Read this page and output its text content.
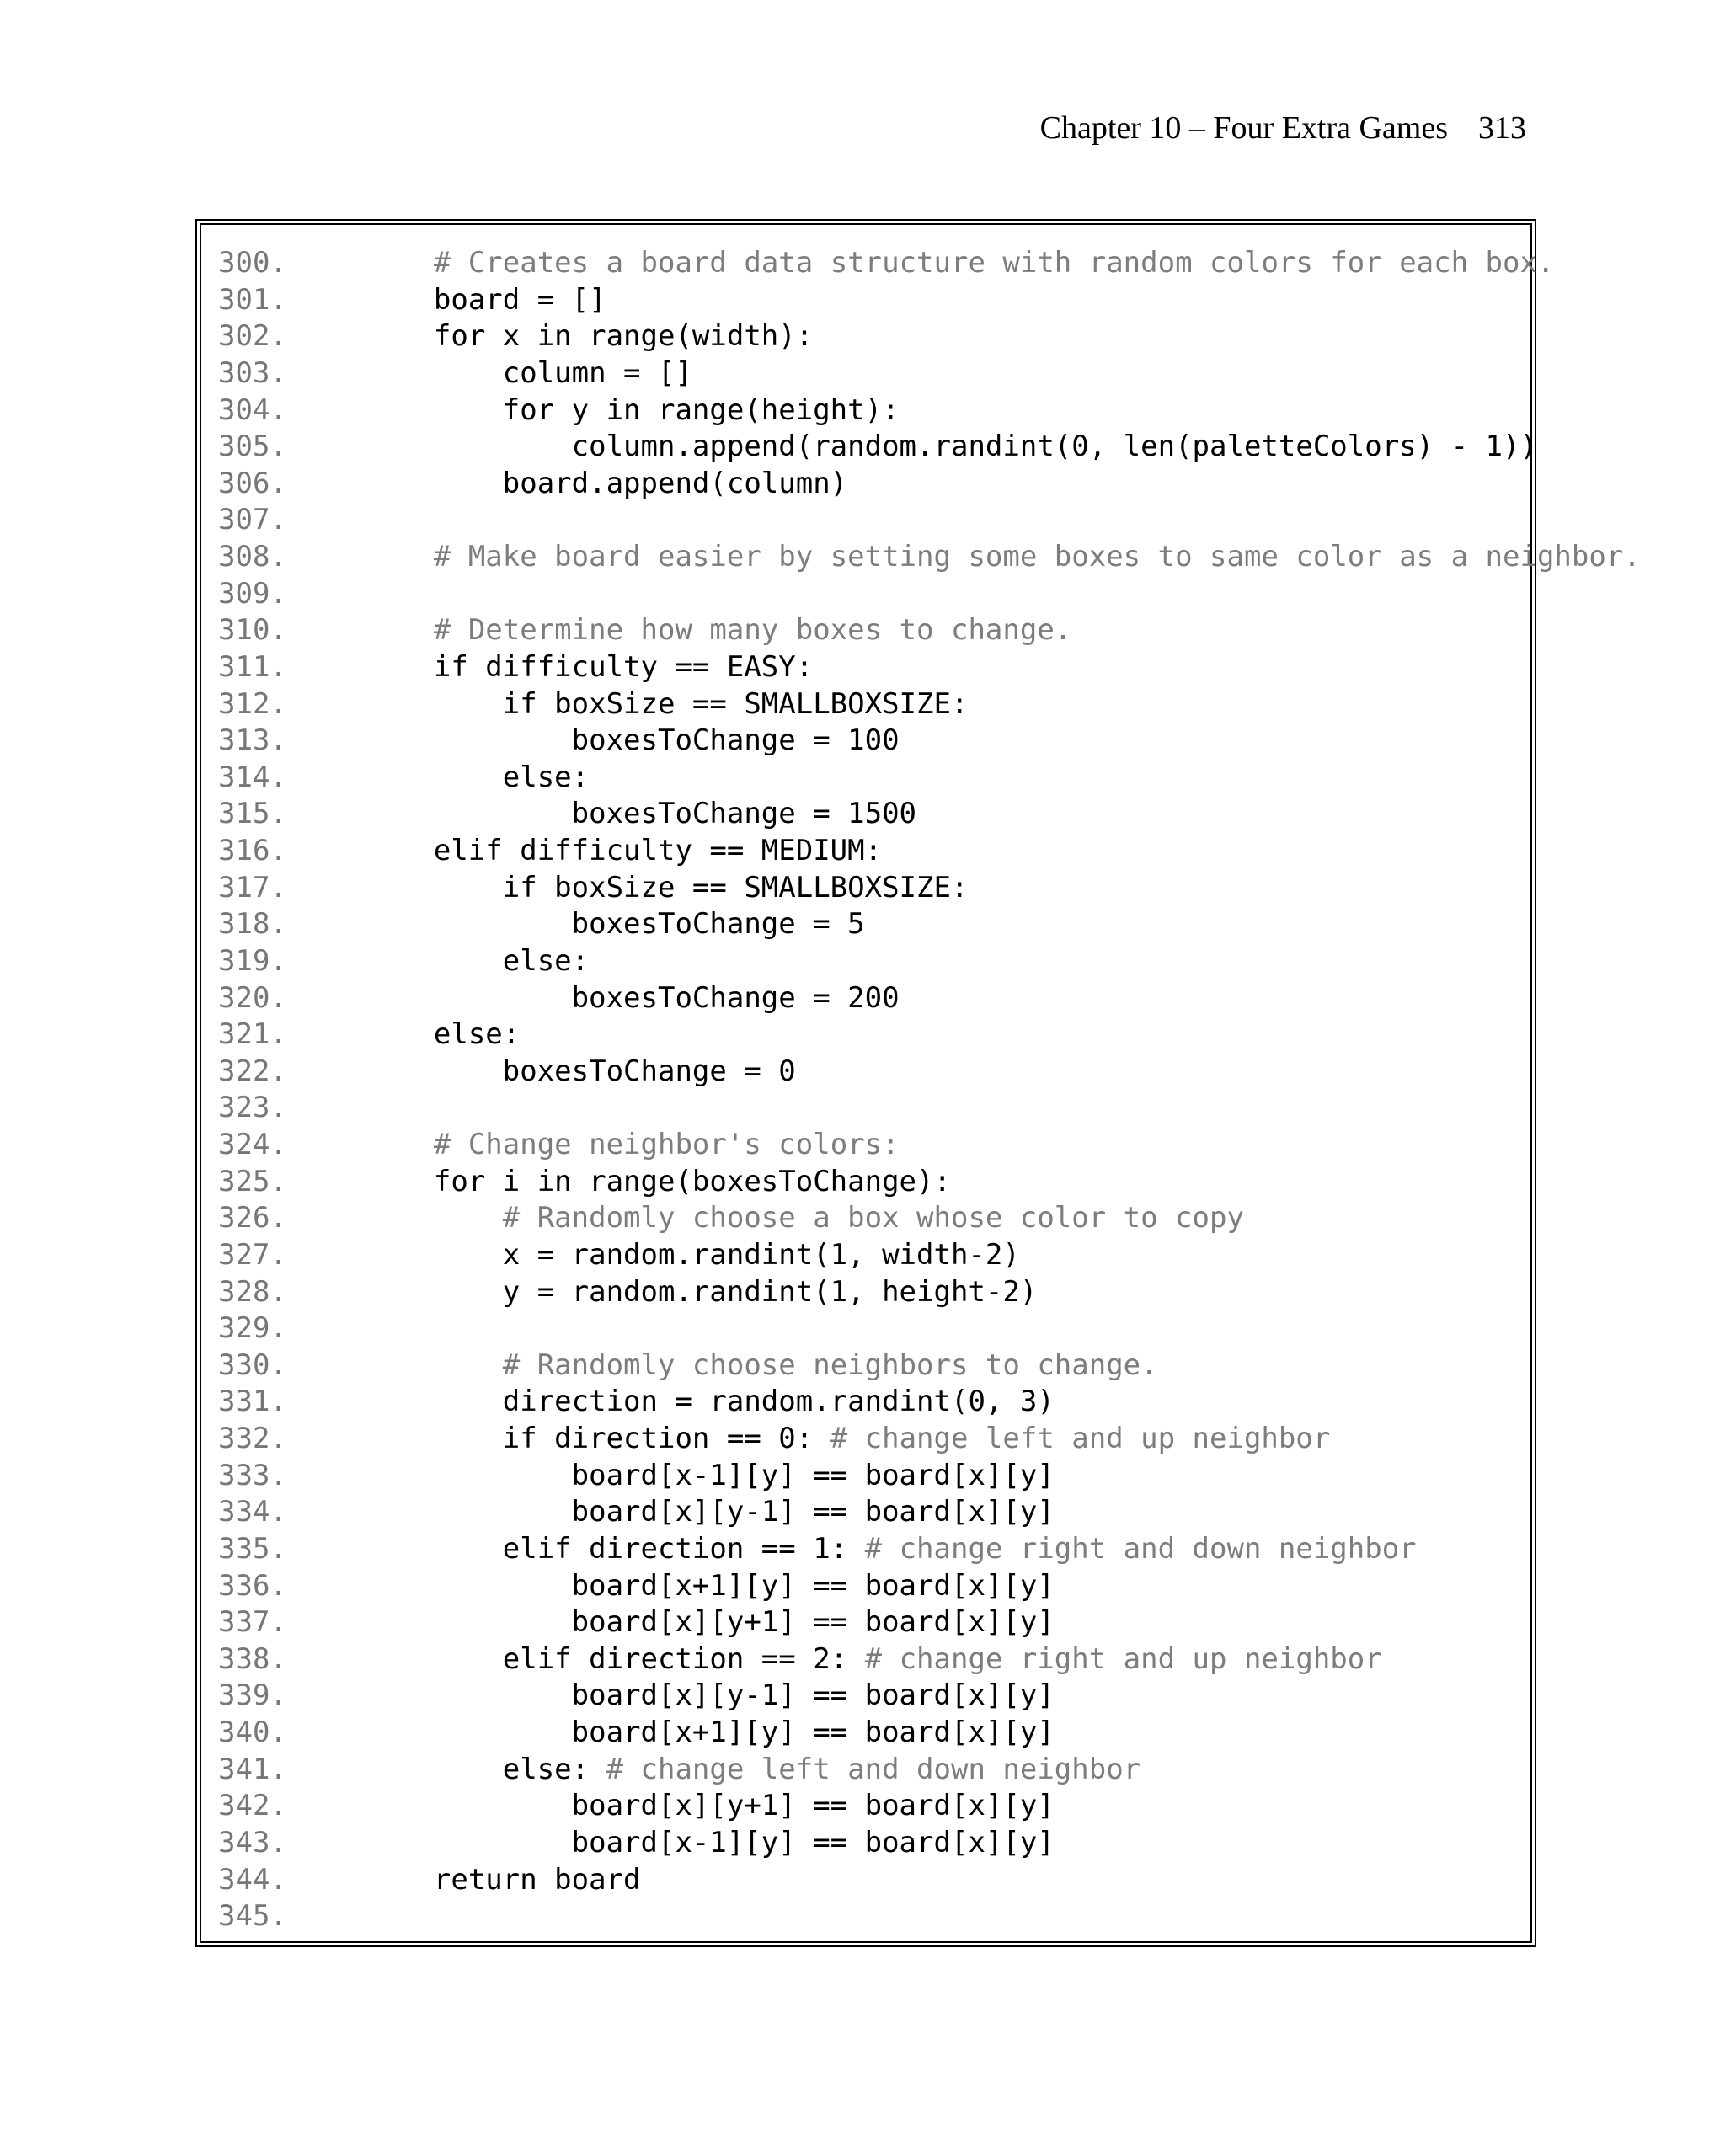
Chapter 10 – Four Extra Games 313
300.	# Creates a board data structure with random colors for each box.
301.	board = []
302.	for x in range(width):
303.	column = []
304.	for y in range(height):
305.	column.append(random.randint(0, len(paletteColors) - 1))
306.	board.append(column)
307.
308.	# Make board easier by setting some boxes to same color as a neighbor.
309.
310.	# Determine how many boxes to change.
311.	if difficulty == EASY:
312.	if boxSize == SMALLBOXSIZE:
313.	boxesToChange = 100
314.	else:
315.	boxesToChange = 1500
316.	elif difficulty == MEDIUM:
317.	if boxSize == SMALLBOXSIZE:
318.	boxesToChange = 5
319.	else:
320.	boxesToChange = 200
321.	else:
322.	boxesToChange = 0
323.
324.	# Change neighbor's colors:
325.	for i in range(boxesToChange):
326.	# Randomly choose a box whose color to copy
327.	x = random.randint(1, width-2)
328.	y = random.randint(1, height-2)
329.
330.	# Randomly choose neighbors to change.
331.	direction = random.randint(0, 3)
332.	if direction == 0: # change left and up neighbor
333.	board[x-1][y] == board[x][y]
334.	board[x][y-1] == board[x][y]
335.	elif direction == 1: # change right and down neighbor
336.	board[x+1][y] == board[x][y]
337.	board[x][y+1] == board[x][y]
338.	elif direction == 2: # change right and up neighbor
339.	board[x][y-1] == board[x][y]
340.	board[x+1][y] == board[x][y]
341.	else: # change left and down neighbor
342.	board[x][y+1] == board[x][y]
343.	board[x-1][y] == board[x][y]
344.	return board
345.
